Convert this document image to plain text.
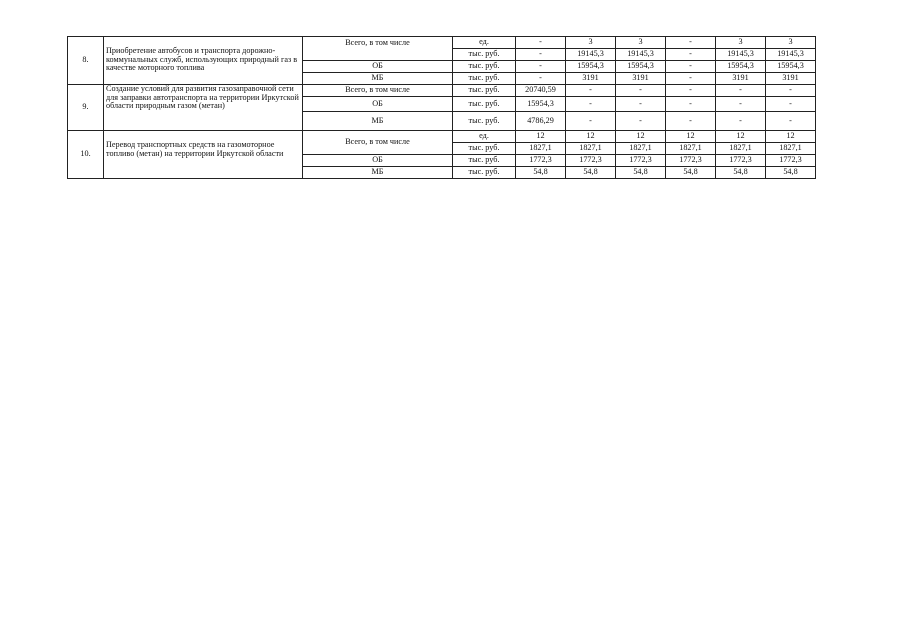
8.	Приобретение автобусов и транспорта дорожно-коммунальных служб, использующих природный газ в качестве моторного топлива	Всего, в том числе	ед.	-	3	3	-	3	3
			тыс. руб.	-	19145,3	19145,3	-	19145,3	19145,3
		ОБ	тыс. руб.	-	15954,3	15954,3	-	15954,3	15954,3
		МБ	тыс. руб.	-	3191	3191	-	3191	3191
9.	Создание условий для развития газозаправочной сети для заправки автотранспорта на территории Иркутской области природным газом (метан)	Всего, в том числе	тыс. руб.	20740,59	-	-	-	-	-
		ОБ	тыс. руб.	15954,3	-	-	-	-	-
		МБ	тыс. руб.	4786,29	-	-	-	-	-
10.	Перевод транспортных средств на газомоторное топливо (метан) на территории Иркутской области	Всего, в том числе	ед.	12	12	12	12	12	12
			тыс. руб.	1827,1	1827,1	1827,1	1827,1	1827,1	1827,1
		ОБ	тыс. руб.	1772,3	1772,3	1772,3	1772,3	1772,3	1772,3
		МБ	тыс. руб.	54,8	54,8	54,8	54,8	54,8	54,8
